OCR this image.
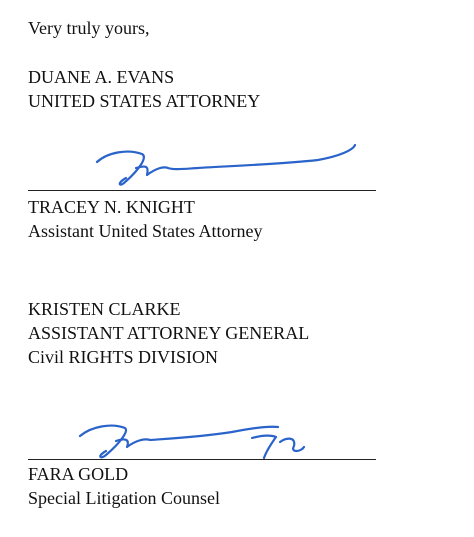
Very truly yours,
DUANE A. EVANS
UNITED STATES ATTORNEY
TRACEY N. KNIGHT
Assistant United States Attorney
KRISTEN CLARKE
ASSISTANT ATTORNEY GENERAL
Civil RIGHTS DIVISION
FARA GOLD
Special Litigation Counsel
